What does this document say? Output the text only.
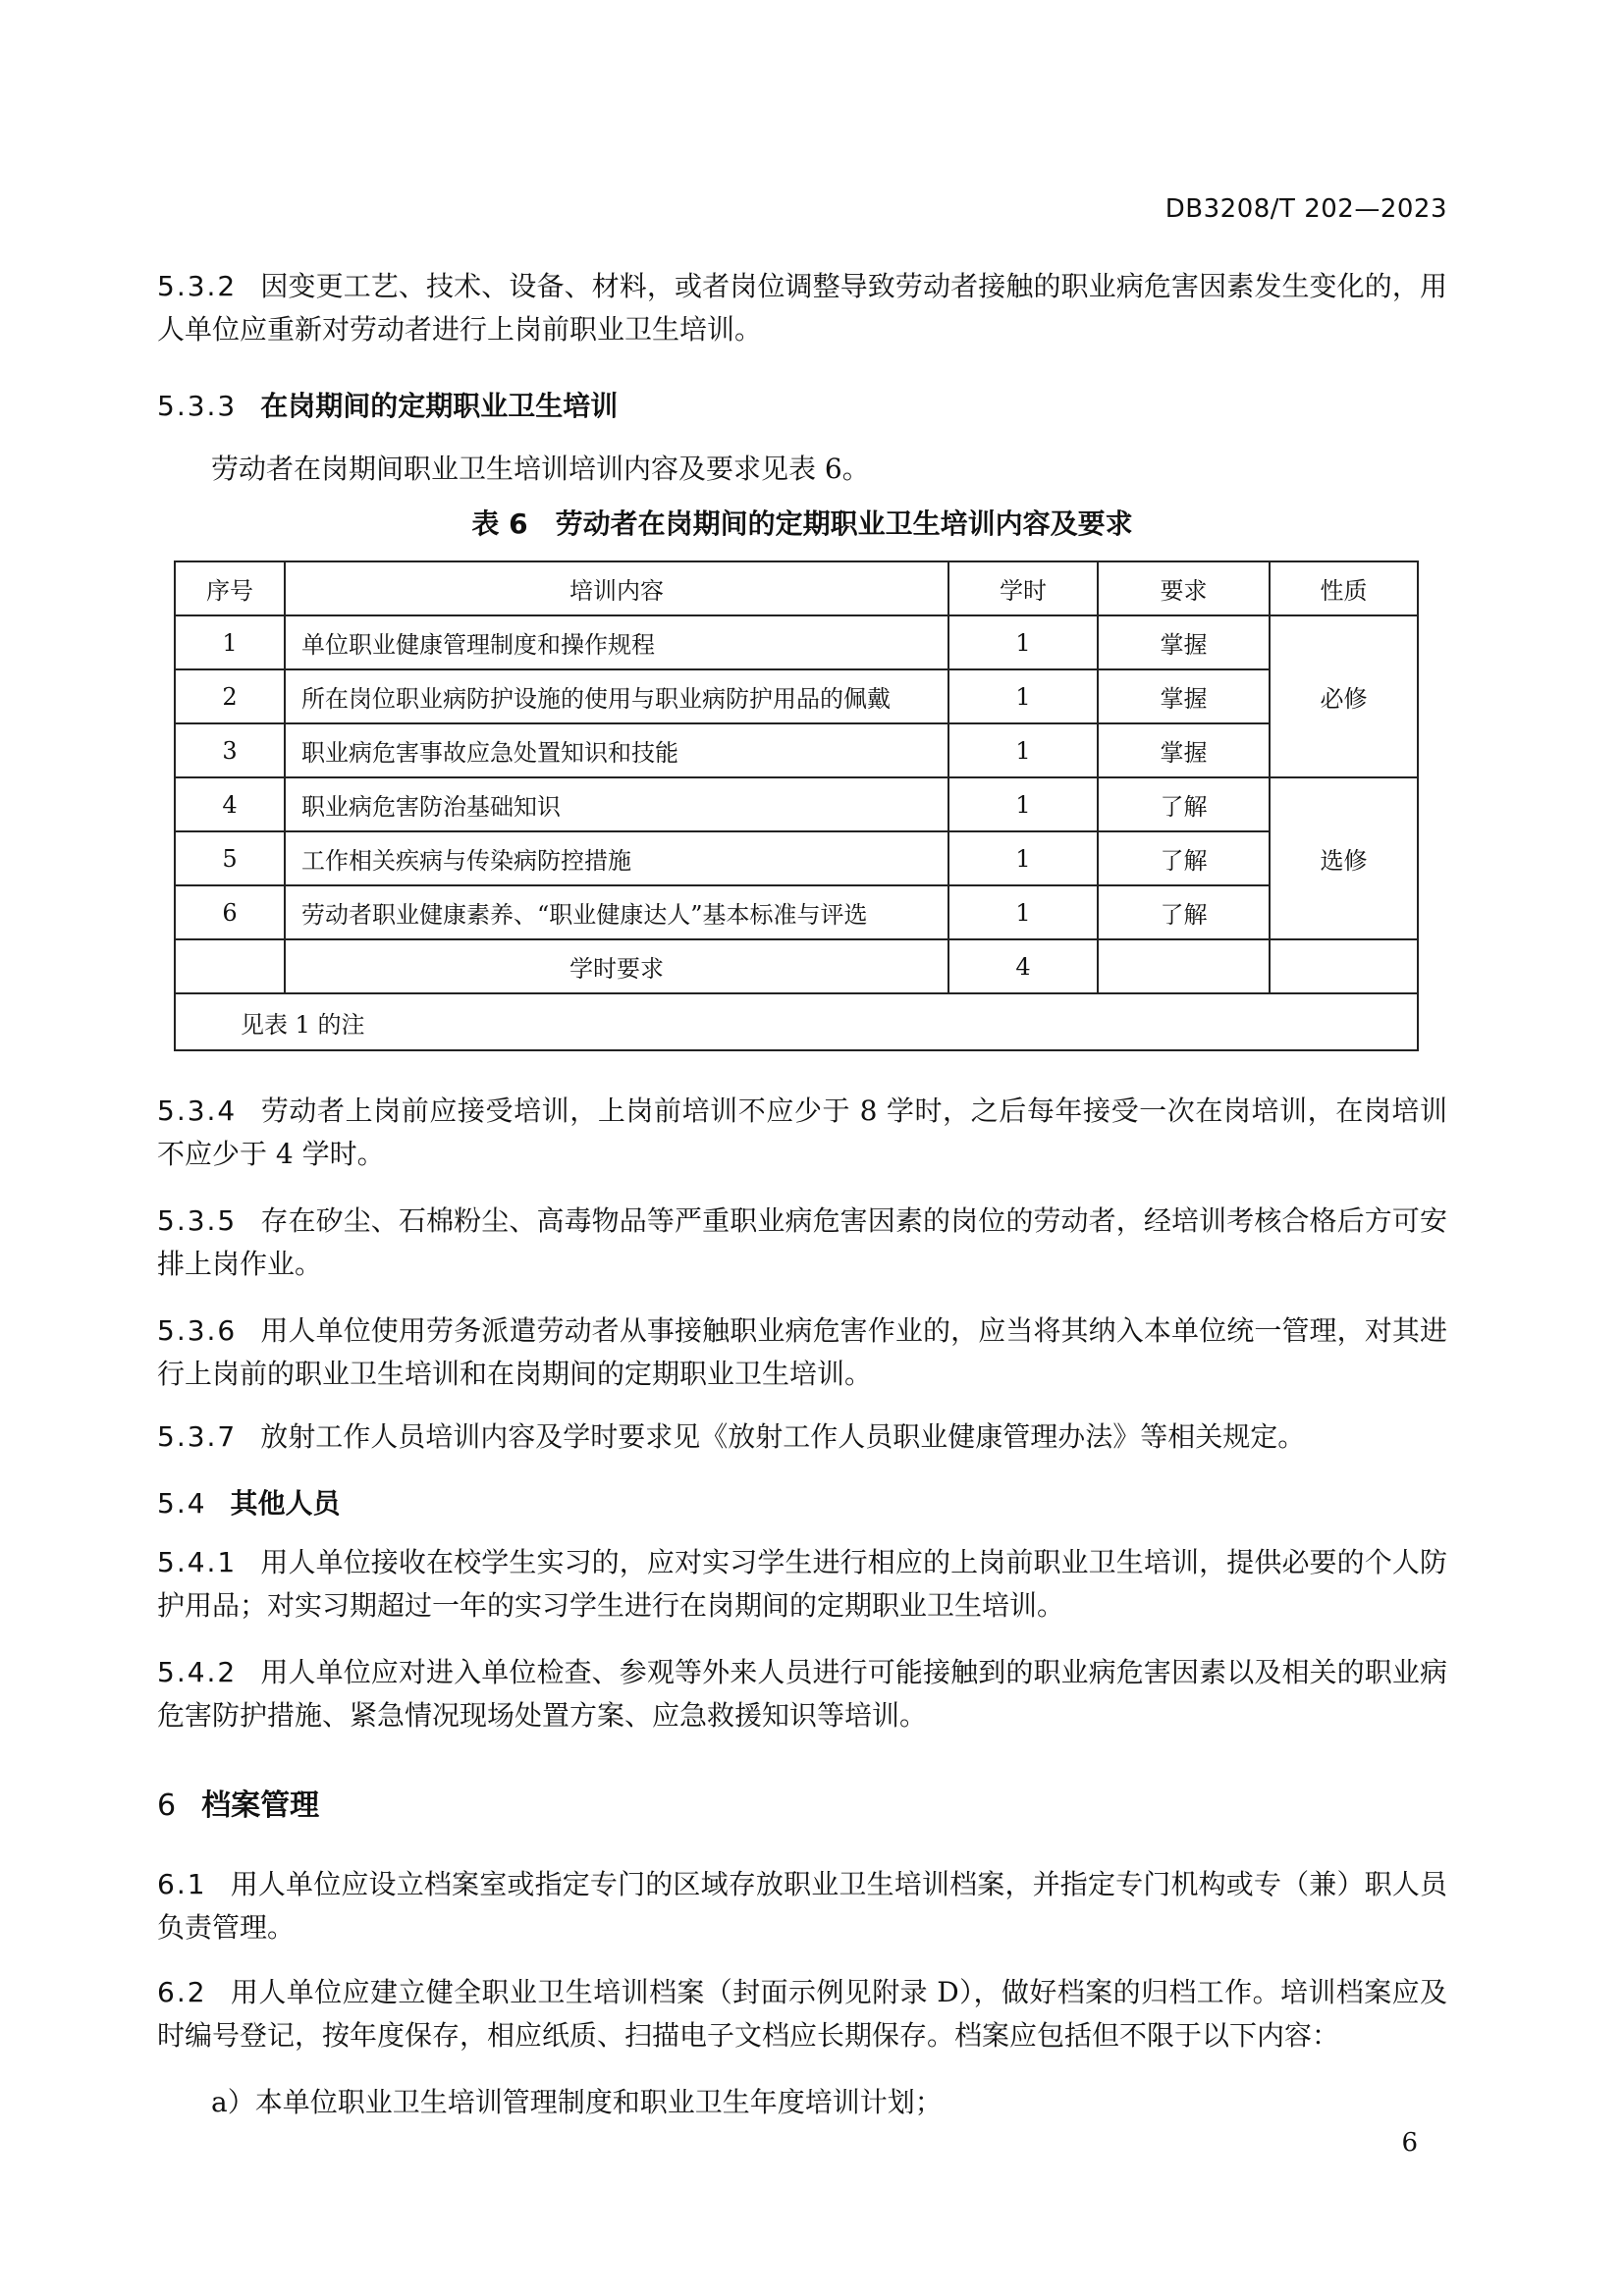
DB3208/T 202—2023
5.3.2 因变更工艺、技术、设备、材料，或者岗位调整导致劳动者接触的职业病危害因素发生变化的，用人单位应重新对劳动者进行上岗前职业卫生培训。
5.3.3 在岗期间的定期职业卫生培训
劳动者在岗期间职业卫生培训培训内容及要求见表 6。
表 6　劳动者在岗期间的定期职业卫生培训内容及要求
序号	培训内容	学时	要求	性质
1	单位职业健康管理制度和操作规程	1	掌握	必修
2	所在岗位职业病防护设施的使用与职业病防护用品的佩戴	1	掌握	
3	职业病危害事故应急处置知识和技能	1	掌握	
4	职业病危害防治基础知识	1	了解	选修
5	工作相关疾病与传染病防控措施	1	了解	
6	劳动者职业健康素养、“职业健康达人”基本标准与评选	1	了解	
	学时要求	4		
见表 1 的注				
5.3.4 劳动者上岗前应接受培训，上岗前培训不应少于 8 学时，之后每年接受一次在岗培训，在岗培训不应少于 4 学时。
5.3.5 存在矽尘、石棉粉尘、高毒物品等严重职业病危害因素的岗位的劳动者，经培训考核合格后方可安排上岗作业。
5.3.6 用人单位使用劳务派遣劳动者从事接触职业病危害作业的，应当将其纳入本单位统一管理，对其进行上岗前的职业卫生培训和在岗期间的定期职业卫生培训。
5.3.7 放射工作人员培训内容及学时要求见《放射工作人员职业健康管理办法》等相关规定。
5.4 其他人员
5.4.1 用人单位接收在校学生实习的，应对实习学生进行相应的上岗前职业卫生培训，提供必要的个人防护用品；对实习期超过一年的实习学生进行在岗期间的定期职业卫生培训。
5.4.2 用人单位应对进入单位检查、参观等外来人员进行可能接触到的职业病危害因素以及相关的职业病危害防护措施、紧急情况现场处置方案、应急救援知识等培训。
6 档案管理
6.1 用人单位应设立档案室或指定专门的区域存放职业卫生培训档案，并指定专门机构或专（兼）职人员负责管理。
6.2 用人单位应建立健全职业卫生培训档案（封面示例见附录 D），做好档案的归档工作。培训档案应及时编号登记，按年度保存，相应纸质、扫描电子文档应长期保存。档案应包括但不限于以下内容：
a）本单位职业卫生培训管理制度和职业卫生年度培训计划；
6
